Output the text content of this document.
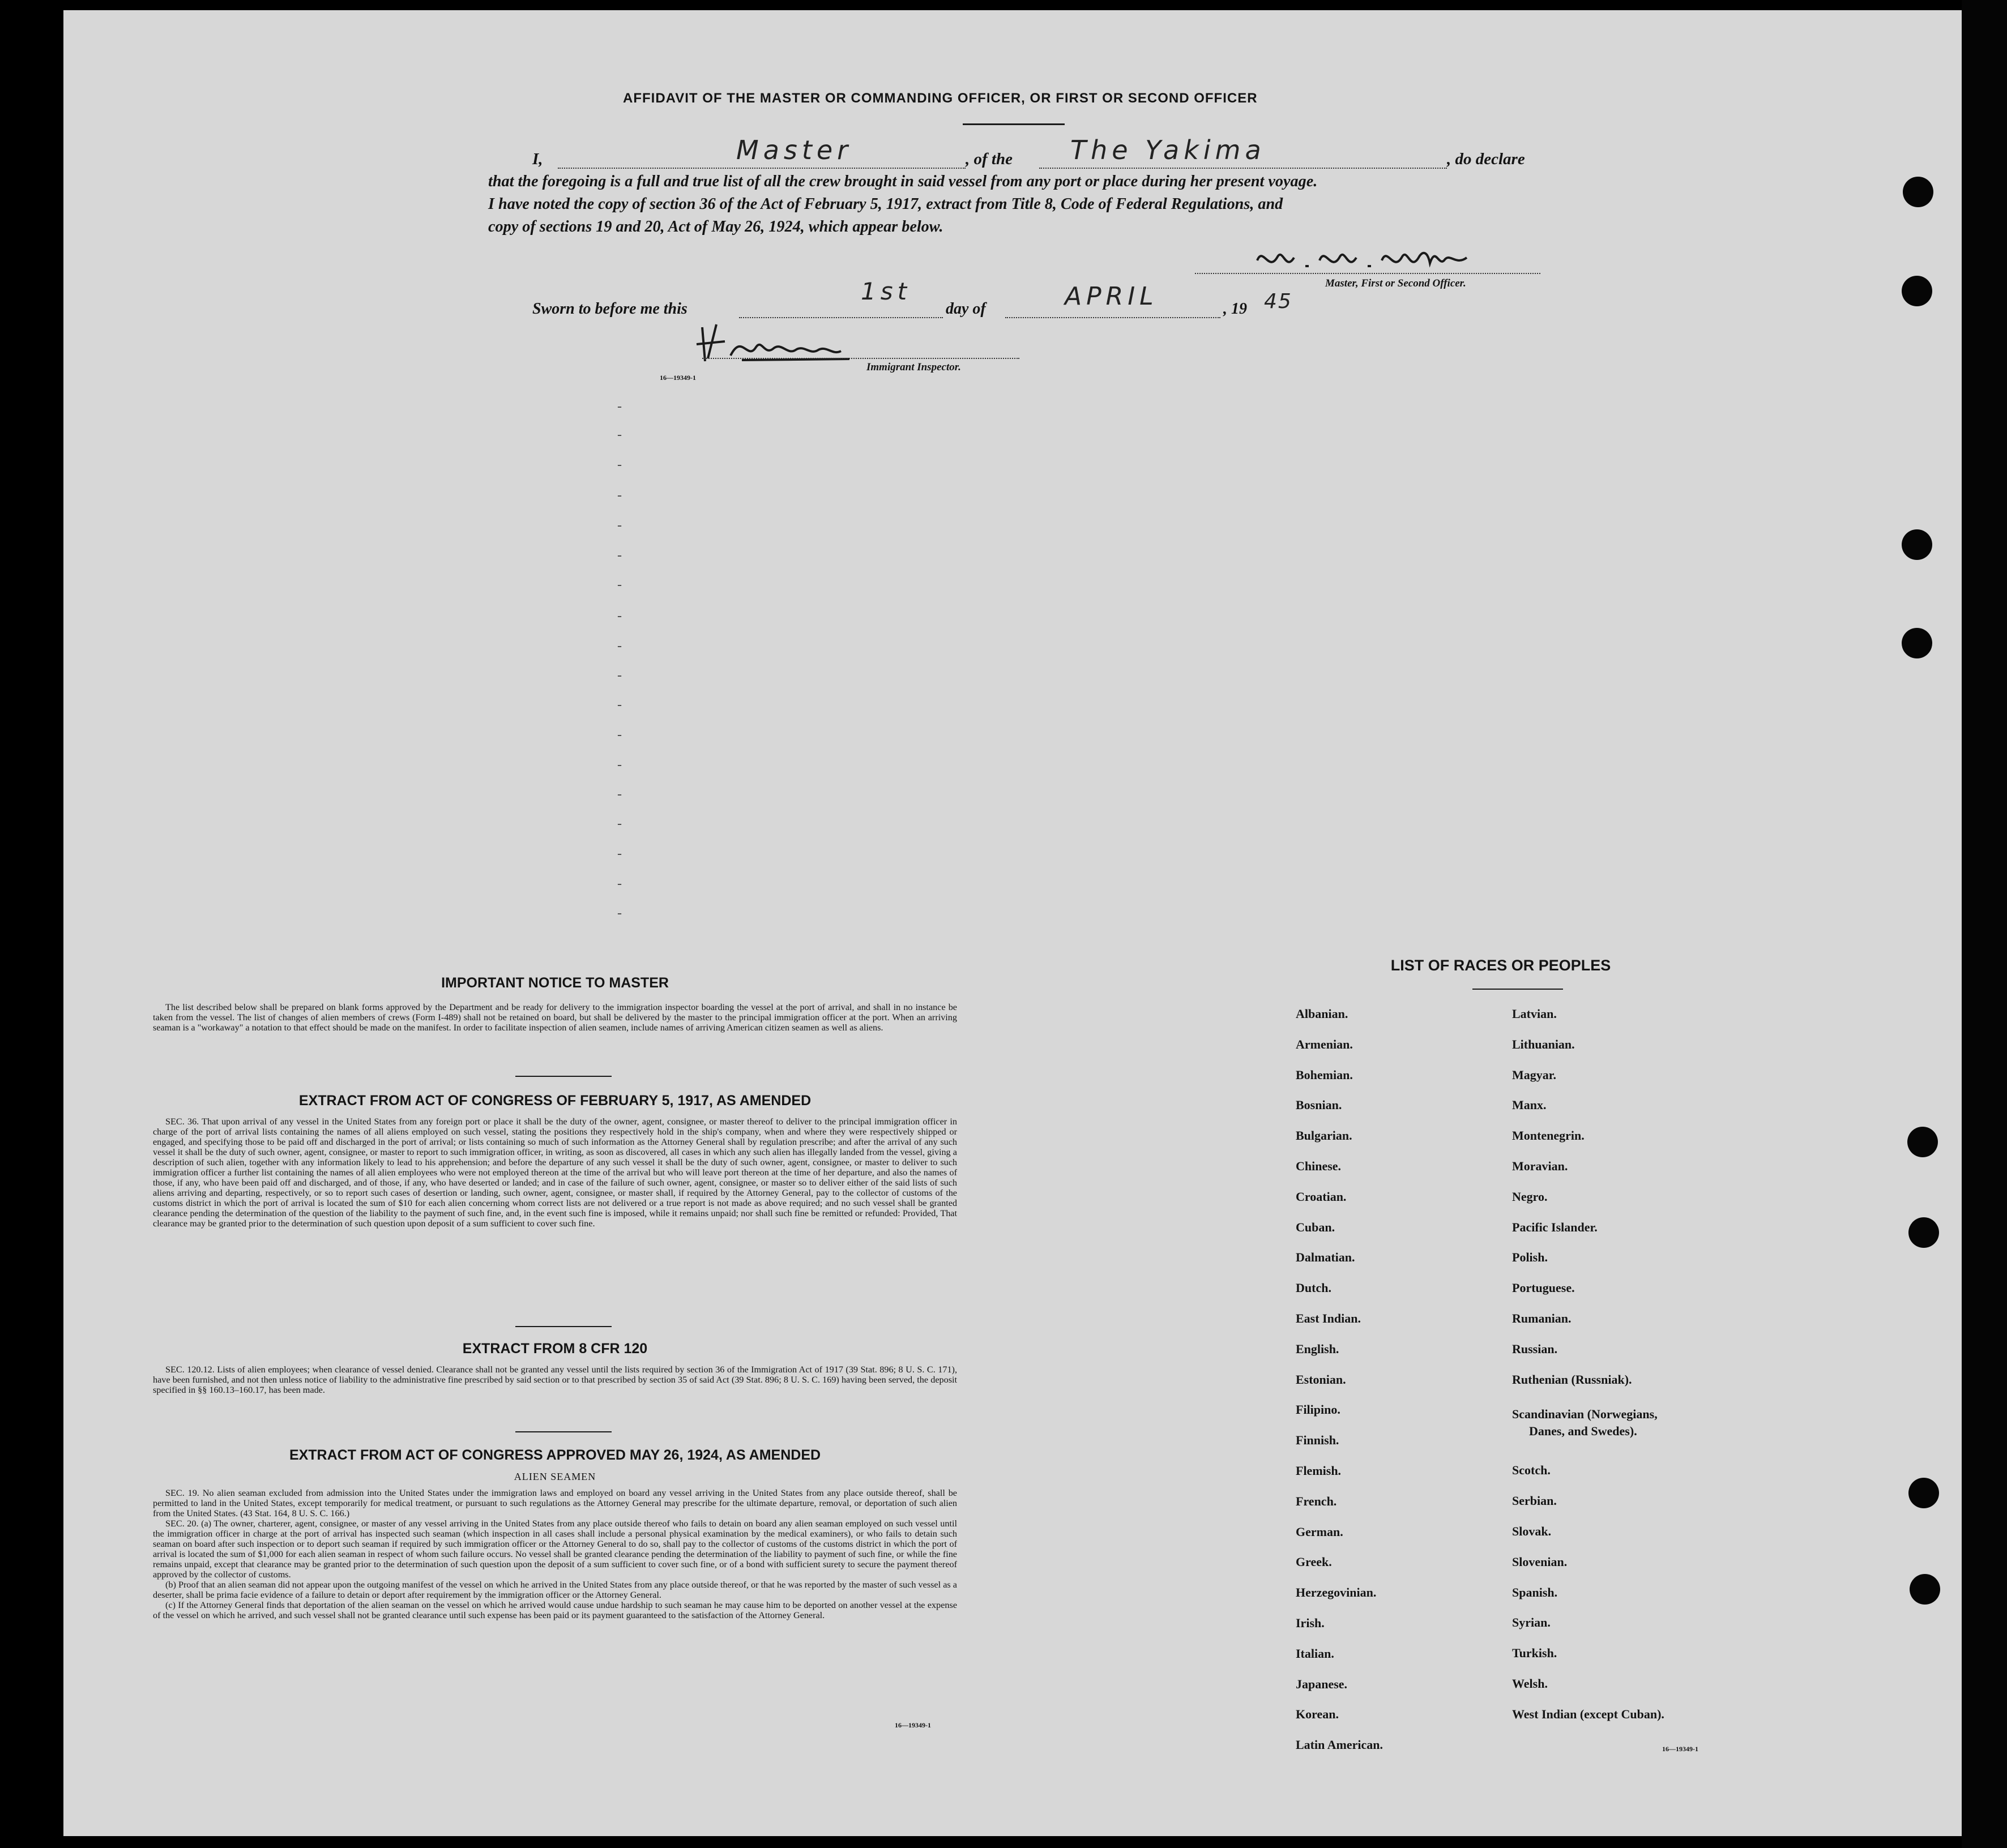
AFFIDAVIT OF THE MASTER OR COMMANDING OFFICER, OR FIRST OR SECOND OFFICER
I,	Master	, of the The Yakima	, do declare
that the foregoing is a full and true list of all the crew brought in said vessel from any port or place during her present voyage.
I have noted the copy of section 36 of the Act of February 5, 1917, extract from Title 8, Code of Federal Regulations, and
copy of sections 19 and 20, Act of May 26, 1924, which appear below.
Master, First or Second Officer.
Sworn to before me this
1st
day of	APRIL	, 19 45
16—19349-1
Immigrant Inspector.
-
-
-
-
-
-
-
-
-
-
-
-
-
-
-
-
-
-
IMPORTANT NOTICE TO MASTER

The list described below shall be prepared on blank forms approved by the Department and be ready for delivery to the immigration inspector boarding the vessel at the port of arrival, and shall in no instance be taken from the vessel. The list of changes of alien members of crews (Form I-489) shall not be retained on board, but shall be delivered by the master to the principal immigration officer at the port. When an arriving seaman is a "workaway" a notation to that effect should be made on the manifest. In order to facilitate inspection of alien seamen, include names of arriving American citizen seamen as well as aliens.

EXTRACT FROM ACT OF CONGRESS OF FEBRUARY 5, 1917, AS AMENDED

SEC. 36. That upon arrival of any vessel in the United States from any foreign port or place it shall be the duty of the owner, agent, consignee, or master thereof to deliver to the principal immigration officer in charge of the port of arrival lists containing the names of all aliens employed on such vessel, stating the positions they respectively hold in the ship's company, when and where they were respectively shipped or engaged, and specifying those to be paid off and discharged in the port of arrival; or lists containing so much of such information as the Attorney General shall by regulation prescribe; and after the arrival of any such vessel it shall be the duty of such owner, agent, consignee, or master to report to such immigration officer, in writing, as soon as discovered, all cases in which any such alien has illegally landed from the vessel, giving a description of such alien, together with any information likely to lead to his apprehension; and before the departure of any such vessel it shall be the duty of such owner, agent, consignee, or master to deliver to such immigration officer a further list containing the names of all alien employees who were not employed thereon at the time of the arrival but who will leave port thereon at the time of her departure, and also the names of those, if any, who have been paid off and discharged, and of those, if any, who have deserted or landed; and in case of the failure of such owner, agent, consignee, or master so to deliver either of the said lists of such aliens arriving and departing, respectively, or so to report such cases of desertion or landing, such owner, agent, consignee, or master shall, if required by the Attorney General, pay to the collector of customs of the customs district in which the port of arrival is located the sum of $10 for each alien concerning whom correct lists are not delivered or a true report is not made as above required; and no such vessel shall be granted clearance pending the determination of the question of the liability to the payment of such fine, and, in the event such fine is imposed, while it remains unpaid; nor shall such fine be remitted or refunded: Provided, That clearance may be granted prior to the determination of such question upon deposit of a sum sufficient to cover such fine.

EXTRACT FROM 8 CFR 120

SEC. 120.12. Lists of alien employees; when clearance of vessel denied. Clearance shall not be granted any vessel until the lists required by section 36 of the Immigration Act of 1917 (39 Stat. 896; 8 U. S. C. 171), have been furnished, and not then unless notice of liability to the administrative fine prescribed by said section or to that prescribed by section 35 of said Act (39 Stat. 896; 8 U. S. C. 169) having been served, the deposit specified in §§ 160.13–160.17, has been made.

EXTRACT FROM ACT OF CONGRESS APPROVED MAY 26, 1924, AS AMENDED
ALIEN SEAMEN

SEC. 19. No alien seaman excluded from admission into the United States under the immigration laws and employed on board any vessel arriving in the United States from any place outside thereof, shall be permitted to land in the United States, except temporarily for medical treatment, or pursuant to such regulations as the Attorney General may prescribe for the ultimate departure, removal, or deportation of such alien from the United States. (43 Stat. 164, 8 U. S. C. 166.)

SEC. 20. (a) The owner, charterer, agent, consignee, or master of any vessel arriving in the United States from any place outside thereof who fails to detain on board any alien seaman employed on such vessel until the immigration officer in charge at the port of arrival has inspected such seaman (which inspection in all cases shall include a personal physical examination by the medical examiners), or who fails to detain such seaman on board after such inspection or to deport such seaman if required by such immigration officer or the Attorney General to do so, shall pay to the collector of customs of the customs district in which the port of arrival is located the sum of $1,000 for each alien seaman in respect of whom such failure occurs. No vessel shall be granted clearance pending the determination of the liability to payment of such fine, or while the fine remains unpaid, except that clearance may be granted prior to the determination of such question upon the deposit of a sum sufficient to cover such fine, or of a bond with sufficient surety to secure the payment thereof approved by the collector of customs.

(b) Proof that an alien seaman did not appear upon the outgoing manifest of the vessel on which he arrived in the United States from any place outside thereof, or that he was reported by the master of such vessel as a deserter, shall be prima facie evidence of a failure to detain or deport after requirement by the immigration officer or the Attorney General.

(c) If the Attorney General finds that deportation of the alien seaman on the vessel on which he arrived would cause undue hardship to such seaman he may cause him to be deported on another vessel at the expense of the vessel on which he arrived, and such vessel shall not be granted clearance until such expense has been paid or its payment guaranteed to the satisfaction of the Attorney General.

16—19349-1
LIST OF RACES OR PEOPLES
Albanian.
Armenian.
Bohemian.
Bosnian.
Bulgarian.
Chinese.
Croatian.
Cuban.
Dalmatian.
Dutch.
East Indian.
English.
Estonian.
Filipino.
Finnish.
Flemish.
French.
German.
Greek.
Herzegovinian.
Irish.
Italian.
Japanese.
Korean.
Latin American.
Latvian.
Lithuanian.
Magyar.
Manx.
Montenegrin.
Moravian.
Negro.
Pacific Islander.
Polish.
Portuguese.
Rumanian.
Russian.
Ruthenian (Russniak).
Scandinavian (Norwegians,
Danes, and Swedes).
Scotch.
Serbian.
Slovak.
Slovenian.
Spanish.
Syrian.
Turkish.
Welsh.
West Indian (except Cuban).
16—19349-1
